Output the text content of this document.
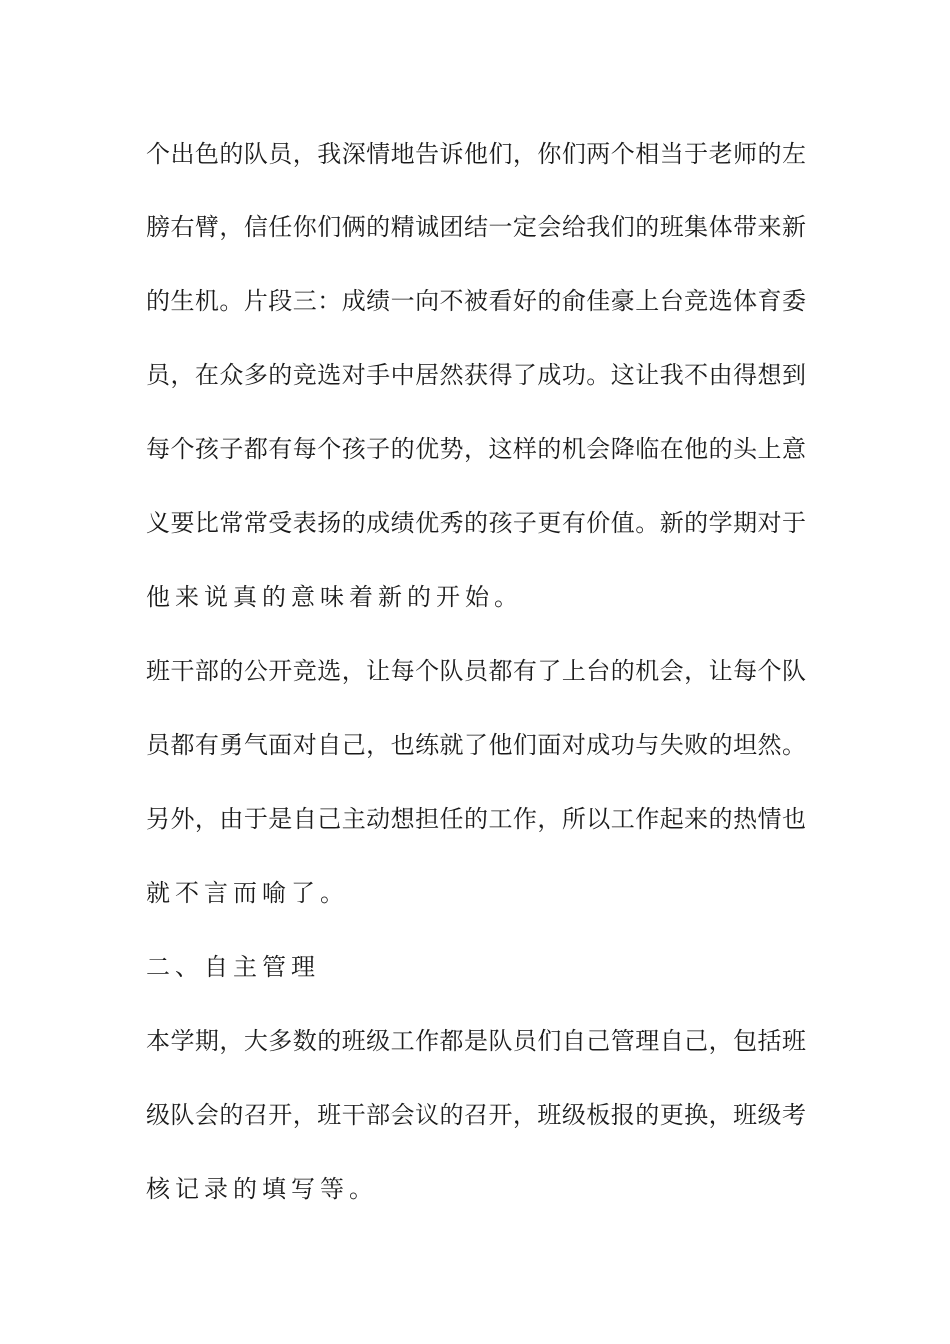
个出色的队员，我深情地告诉他们，你们两个相当于老师的左
膀右臂，信任你们俩的精诚团结一定会给我们的班集体带来新
的生机。片段三：成绩一向不被看好的俞佳豪上台竞选体育委
员，在众多的竞选对手中居然获得了成功。这让我不由得想到
每个孩子都有每个孩子的优势，这样的机会降临在他的头上意
义要比常常受表扬的成绩优秀的孩子更有价值。新的学期对于
他来说真的意味着新的开始。
班干部的公开竞选，让每个队员都有了上台的机会，让每个队
员都有勇气面对自己，也练就了他们面对成功与失败的坦然。
另外，由于是自己主动想担任的工作，所以工作起来的热情也
就不言而喻了。
二、自主管理
本学期，大多数的班级工作都是队员们自己管理自己，包括班
级队会的召开，班干部会议的召开，班级板报的更换，班级考
核记录的填写等。
